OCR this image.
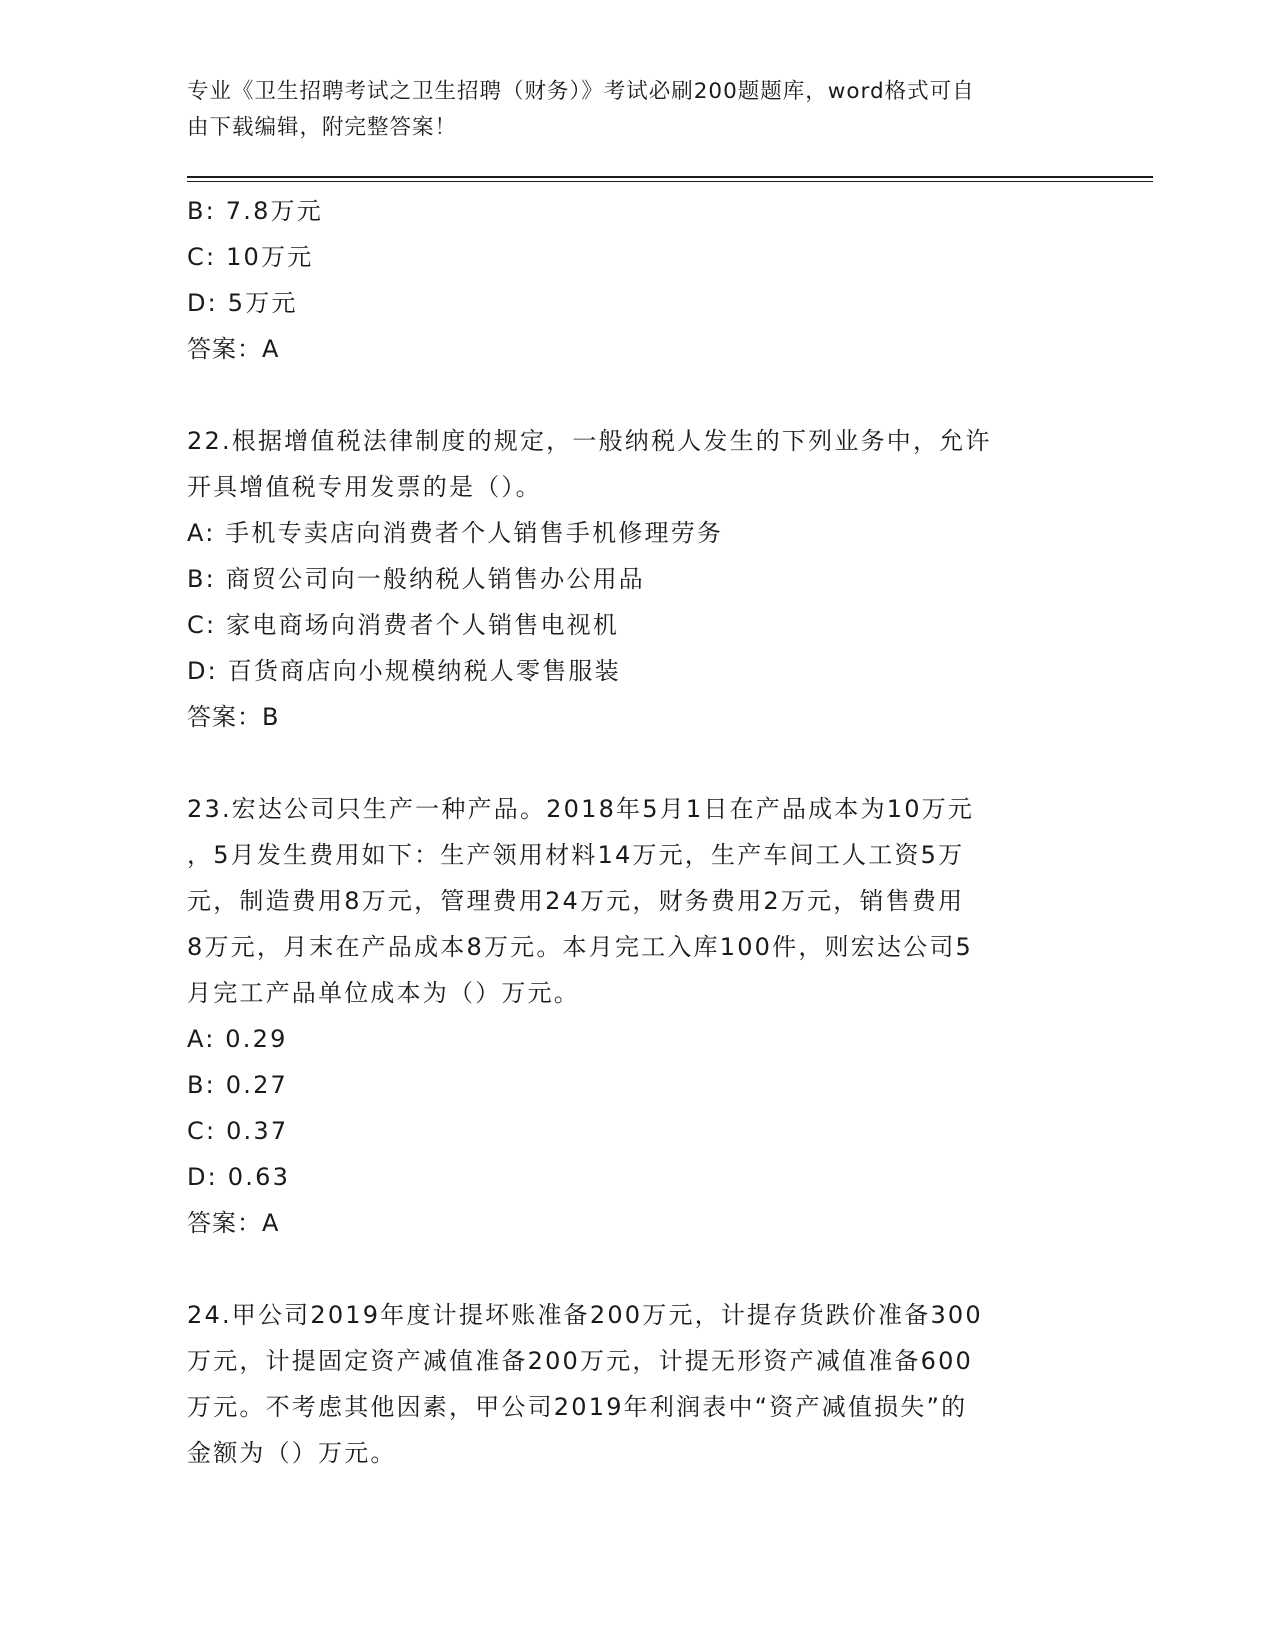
专业《卫生招聘考试之卫生招聘（财务）》考试必刷200题题库，word格式可自
由下载编辑，附完整答案！
B: 7.8万元
C: 10万元
D: 5万元
答案：A
22.根据增值税法律制度的规定，一般纳税人发生的下列业务中，允许
开具增值税专用发票的是（）。
A: 手机专卖店向消费者个人销售手机修理劳务
B: 商贸公司向一般纳税人销售办公用品
C: 家电商场向消费者个人销售电视机
D: 百货商店向小规模纳税人零售服装
答案：B
23.宏达公司只生产一种产品。2018年5月1日在产品成本为10万元
，5月发生费用如下：生产领用材料14万元，生产车间工人工资5万
元，制造费用8万元，管理费用24万元，财务费用2万元，销售费用
8万元，月末在产品成本8万元。本月完工入库100件，则宏达公司5
月完工产品单位成本为（）万元。
A: 0.29
B: 0.27
C: 0.37
D: 0.63
答案：A
24.甲公司2019年度计提坏账准备200万元，计提存货跌价准备300
万元，计提固定资产减值准备200万元，计提无形资产减值准备600
万元。不考虑其他因素，甲公司2019年利润表中“资产减值损失”的
金额为（）万元。
